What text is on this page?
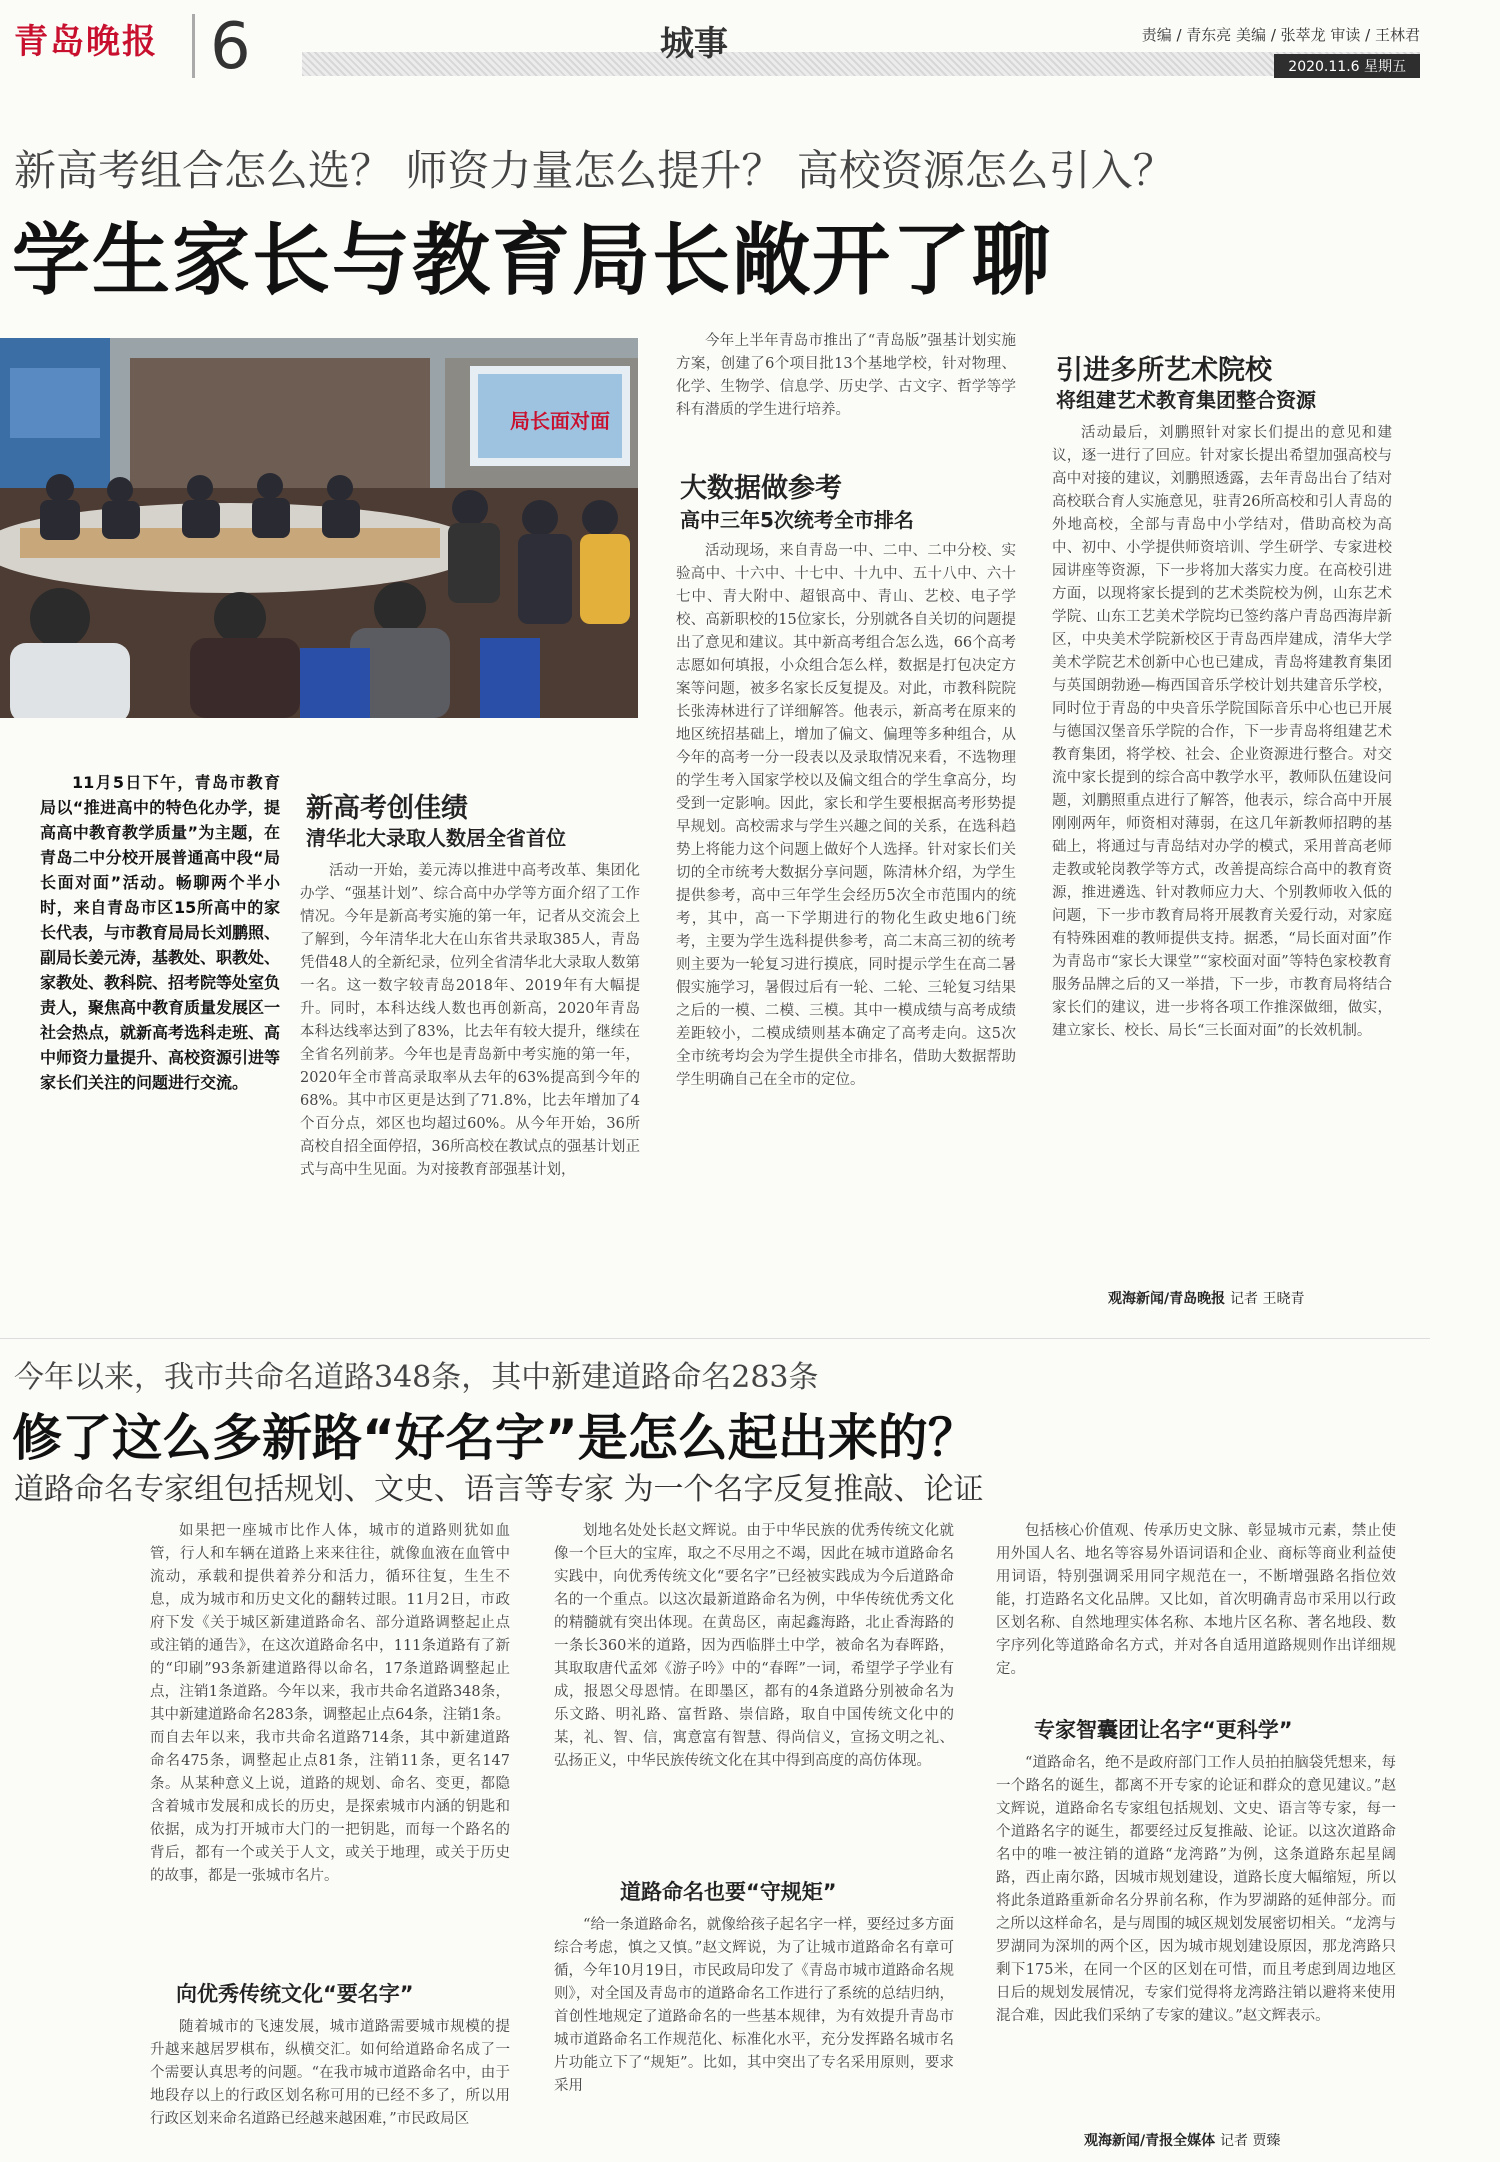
青岛晚报 6	城事	责编 / 青东亮 美编 / 张萃龙 审读 / 王林君
2020.11.6 星期五
新高考组合怎么选？ 师资力量怎么提升？ 高校资源怎么引入？
学生家长与教育局长敞开了聊
局长面对面
11月5日下午，青岛市教育局以“推进高中的特色化办学，提高高中教育教学质量”为主题，在青岛二中分校开展普通高中段“局长面对面”活动。畅聊两个半小时，来自青岛市区15所高中的家长代表，与市教育局局长刘鹏照、副局长姜元涛，基教处、职教处、家教处、教科院、招考院等处室负责人，聚焦高中教育质量发展区一社会热点，就新高考选科走班、高中师资力量提升、高校资源引进等家长们关注的问题进行交流。
新高考创佳绩
清华北大录取人数居全省首位
活动一开始，姜元涛以推进中高考改革、集团化办学、“强基计划”、综合高中办学等方面介绍了工作情况。今年是新高考实施的第一年，记者从交流会上了解到，今年清华北大在山东省共录取385人，青岛凭借48人的全新纪录，位列全省清华北大录取人数第一名。这一数字较青岛2018年、2019年有大幅提升。同时，本科达线人数也再创新高，2020年青岛本科达线率达到了83%，比去年有较大提升，继续在全省名列前茅。今年也是青岛新中考实施的第一年，2020年全市普高录取率从去年的63%提高到今年的68%。其中市区更是达到了71.8%，比去年增加了4个百分点，郊区也均超过60%。从今年开始，36所高校自招全面停招，36所高校在教试点的强基计划正式与高中生见面。为对接教育部强基计划，
今年上半年青岛市推出了“青岛版”强基计划实施方案，创建了6个项目批13个基地学校，针对物理、化学、生物学、信息学、历史学、古文字、哲学等学科有潜质的学生进行培养。
大数据做参考
高中三年5次统考全市排名
活动现场，来自青岛一中、二中、二中分校、实验高中、十六中、十七中、十九中、五十八中、六十七中、青大附中、超银高中、青山、艺校、电子学校、高新职校的15位家长，分别就各自关切的问题提出了意见和建议。其中新高考组合怎么选，66个高考志愿如何填报，小众组合怎么样，数据是打包决定方案等问题，被多名家长反复提及。对此，市教科院院长张涛林进行了详细解答。他表示，新高考在原来的地区统招基础上，增加了偏文、偏理等多种组合，从今年的高考一分一段表以及录取情况来看，不选物理的学生考入国家学校以及偏文组合的学生拿高分，均受到一定影响。因此，家长和学生要根据高考形势提早规划。高校需求与学生兴趣之间的关系，在选科趋势上将能力这个问题上做好个人选择。针对家长们关切的全市统考大数据分享问题，陈清林介绍，为学生提供参考，高中三年学生会经历5次全市范围内的统考，其中，高一下学期进行的物化生政史地6门统考，主要为学生选科提供参考，高二末高三初的统考则主要为一轮复习进行摸底，同时提示学生在高二暑假实施学习，暑假过后有一轮、二轮、三轮复习结果之后的一模、二模、三模。其中一模成绩与高考成绩差距较小，二模成绩则基本确定了高考走向。这5次全市统考均会为学生提供全市排名，借助大数据帮助学生明确自己在全市的定位。
引进多所艺术院校
将组建艺术教育集团整合资源
活动最后，刘鹏照针对家长们提出的意见和建议，逐一进行了回应。针对家长提出希望加强高校与高中对接的建议，刘鹏照透露，去年青岛出台了结对高校联合育人实施意见，驻青26所高校和引人青岛的外地高校，全部与青岛中小学结对，借助高校为高中、初中、小学提供师资培训、学生研学、专家进校园讲座等资源，下一步将加大落实力度。在高校引进方面，以现将家长提到的艺术类院校为例，山东艺术学院、山东工艺美术学院均已签约落户青岛西海岸新区，中央美术学院新校区于青岛西岸建成，清华大学美术学院艺术创新中心也已建成，青岛将建教育集团与英国朗勃逊—梅西国音乐学校计划共建音乐学校，同时位于青岛的中央音乐学院国际音乐中心也已开展与德国汉堡音乐学院的合作，下一步青岛将组建艺术教育集团，将学校、社会、企业资源进行整合。对交流中家长提到的综合高中教学水平，教师队伍建设问题，刘鹏照重点进行了解答，他表示，综合高中开展刚刚两年，师资相对薄弱，在这几年新教师招聘的基础上，将通过与青岛结对办学的模式，采用普高老师走教或轮岗教学等方式，改善提高综合高中的教育资源，推进遴选、针对教师应力大、个别教师收入低的问题，下一步市教育局将开展教育关爱行动，对家庭有特殊困难的教师提供支持。据悉，“局长面对面”作为青岛市“家长大课堂”“家校面对面”等特色家校教育服务品牌之后的又一举措，下一步，市教育局将结合家长们的建议，进一步将各项工作推深做细，做实，建立家长、校长、局长“三长面对面”的长效机制。
观海新闻/青岛晚报 记者 王晓青
今年以来，我市共命名道路348条，其中新建道路命名283条
修了这么多新路“好名字”是怎么起出来的？
道路命名专家组包括规划、文史、语言等专家 为一个名字反复推敲、论证
如果把一座城市比作人体，城市的道路则犹如血管，行人和车辆在道路上来来往往，就像血液在血管中流动，承载和提供着养分和活力，循环往复，生生不息，成为城市和历史文化的翻转过眼。11月2日，市政府下发《关于城区新建道路命名、部分道路调整起止点或注销的通告》，在这次道路命名中，111条道路有了新的“印刷”93条新建道路得以命名，17条道路调整起止点，注销1条道路。今年以来，我市共命名道路348条，其中新建道路命名283条，调整起止点64条，注销1条。而自去年以来，我市共命名道路714条，其中新建道路命名475条，调整起止点81条，注销11条，更名147条。从某种意义上说，道路的规划、命名、变更，都隐含着城市发展和成长的历史，是探索城市内涵的钥匙和依据，成为打开城市大门的一把钥匙，而每一个路名的背后，都有一个或关于人文，或关于地理，或关于历史的故事，都是一张城市名片。
向优秀传统文化“要名字”
随着城市的飞速发展，城市道路需要城市规模的提升越来越居罗棋布，纵横交汇。如何给道路命名成了一个需要认真思考的问题。“在我市城市道路命名中，由于地段存以上的行政区划名称可用的已经不多了，所以用行政区划来命名道路已经越来越困难，”市民政局区
划地名处处长赵文辉说。由于中华民族的优秀传统文化就像一个巨大的宝库，取之不尽用之不竭，因此在城市道路命名实践中，向优秀传统文化“要名字”已经被实践成为今后道路命名的一个重点。以这次最新道路命名为例，中华传统优秀文化的精髓就有突出体现。在黄岛区，南起鑫海路，北止香海路的一条长360米的道路，因为西临胖土中学，被命名为春晖路，其取取唐代孟郊《游子吟》中的“春晖”一词，希望学子学业有成，报恩父母恩情。在即墨区，都有的4条道路分别被命名为乐文路、明礼路、富哲路、崇信路，取自中国传统文化中的某，礼、智、信，寓意富有智慧、得尚信义，宣扬文明之礼、弘扬正义，中华民族传统文化在其中得到高度的高仿体现。
道路命名也要“守规矩”
“给一条道路命名，就像给孩子起名字一样，要经过多方面综合考虑，慎之又慎。”赵文辉说，为了让城市道路命名有章可循，今年10月19日，市民政局印发了《青岛市城市道路命名规则》，对全国及青岛市的道路命名工作进行了系统的总结归纳，首创性地规定了道路命名的一些基本规律，为有效提升青岛市城市道路命名工作规范化、标准化水平，充分发挥路名城市名片功能立下了“规矩”。比如，其中突出了专名采用原则，要求采用
包括核心价值观、传承历史文脉、彰显城市元素，禁止使用外国人名、地名等容易外语词语和企业、商标等商业利益使用词语，特别强调采用同字规范在一，不断增强路名指位效能，打造路名文化品牌。又比如，首次明确青岛市采用以行政区划名称、自然地理实体名称、本地片区名称、著名地段、数字序列化等道路命名方式，并对各自适用道路规则作出详细规定。
专家智囊团让名字“更科学”
“道路命名，绝不是政府部门工作人员拍拍脑袋凭想来，每一个路名的诞生，都离不开专家的论证和群众的意见建议。”赵文辉说，道路命名专家组包括规划、文史、语言等专家，每一个道路名字的诞生，都要经过反复推敲、论证。以这次道路命名中的唯一被注销的道路“龙湾路”为例，这条道路东起星阔路，西止南尔路，因城市规划建设，道路长度大幅缩短，所以将此条道路重新命名分界前名称，作为罗湖路的延伸部分。而之所以这样命名，是与周围的城区规划发展密切相关。“龙湾与罗湖同为深圳的两个区，因为城市规划建设原因，那龙湾路只剩下175米，在同一个区的区划在可惜，而且考虑到周边地区日后的规划发展情况，专家们觉得将龙湾路注销以避将来使用混合难，因此我们采纳了专家的建议。”赵文辉表示。
观海新闻/青报全媒体 记者 贾臻
